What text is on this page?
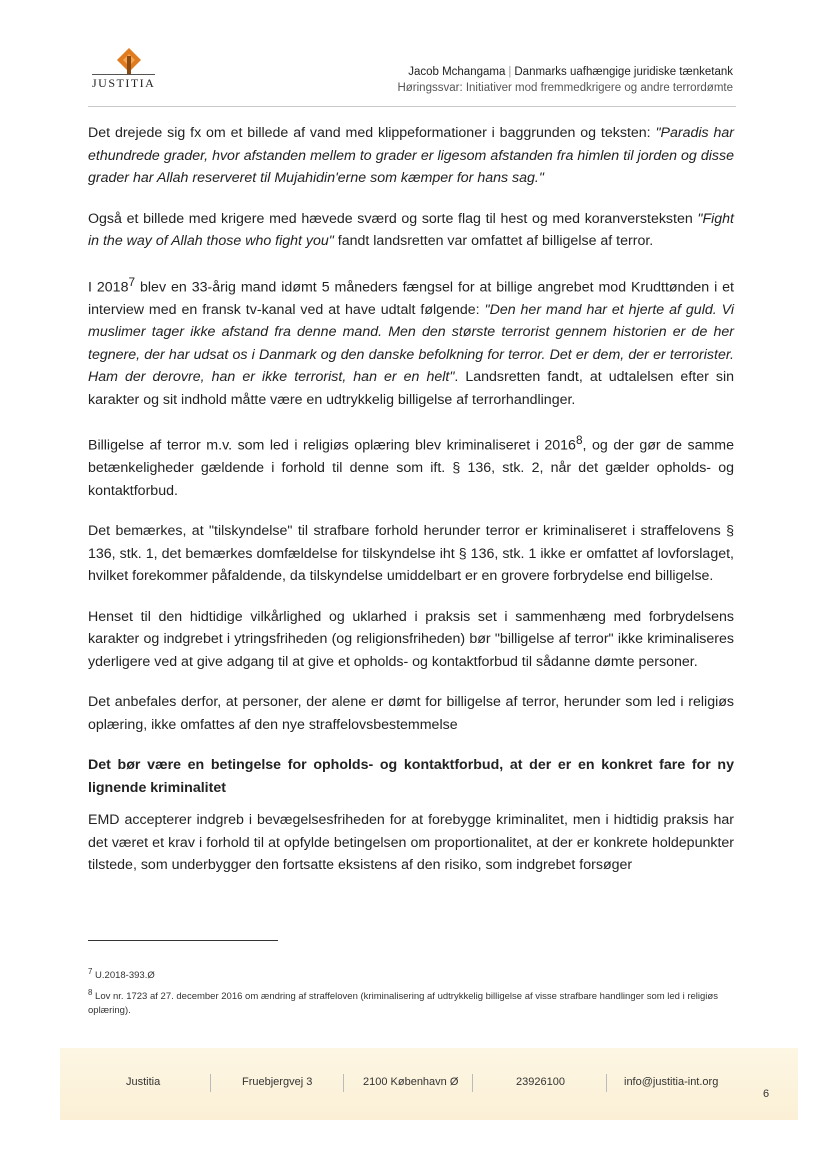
JUSTITIA
Jacob Mchangama | Danmarks uafhængige juridiske tænketank
Høringssvar: Initiativer mod fremmedkrigere og andre terrordømte

Det drejede sig fx om et billede af vand med klippeformationer i baggrunden og teksten: "Paradis har ethundrede grader, hvor afstanden mellem to grader er ligesom afstanden fra himlen til jorden og disse grader har Allah reserveret til Mujahidin'erne som kæmper for hans sag."

Også et billede med krigere med hævede sværd og sorte flag til hest og med koranversteksten "Fight in the way of Allah those who fight you" fandt landsretten var omfattet af billigelse af terror.

I 2018$^7$ blev en 33-årig mand idømt 5 måneders fængsel for at billige angrebet mod Krudttønden i et interview med en fransk tv-kanal ved at have udtalt følgende: "Den her mand har et hjerte af guld. Vi muslimer tager ikke afstand fra denne mand. Men den største terrorist gennem historien er de her tegnere, der har udsat os i Danmark og den danske befolkning for terror. Det er dem, der er terrorister. Ham der derovre, han er ikke terrorist, han er en helt". Landsretten fandt, at udtalelsen efter sin karakter og sit indhold måtte være en udtrykkelig billigelse af terrorhandlinger.

Billigelse af terror m.v. som led i religiøs oplæring blev kriminaliseret i 2016$^8$, og der gør de samme betænkeligheder gældende i forhold til denne som ift. § 136, stk. 2, når det gælder opholds- og kontaktforbud.

Det bemærkes, at "tilskyndelse" til strafbare forhold herunder terror er kriminaliseret i straffelovens § 136, stk. 1, det bemærkes domfældelse for tilskyndelse iht § 136, stk. 1 ikke er omfattet af lovforslaget, hvilket forekommer påfaldende, da tilskyndelse umiddelbart er en grovere forbrydelse end billigelse.

Henset til den hidtidige vilkårlighed og uklarhed i praksis set i sammenhæng med forbrydelsens karakter og indgrebet i ytringsfriheden (og religionsfriheden) bør "billigelse af terror" ikke kriminaliseres yderligere ved at give adgang til at give et opholds- og kontaktforbud til sådanne dømte personer.

Det anbefales derfor, at personer, der alene er dømt for billigelse af terror, herunder som led i religiøs oplæring, ikke omfattes af den nye straffelovsbestemmelse

Det bør være en betingelse for opholds- og kontaktforbud, at der er en konkret fare for ny lignende kriminalitet

EMD accepterer indgreb i bevægelsesfriheden for at forebygge kriminalitet, men i hidtidig praksis har det været et krav i forhold til at opfylde betingelsen om proportionalitet, at der er konkrete holdepunkter tilstede, som underbygger den fortsatte eksistens af den risiko, som indgrebet forsøger

$^7$ U.2018-393.Ø
$^8$ Lov nr. 1723 af 27. december 2016 om ændring af straffeloven (kriminalisering af udtrykkelig billigelse af visse strafbare handlinger som led i religiøs oplæring).
Justitia	Fruebjergvej 3	2100 København Ø	23926100	info@justitia-int.org
6
